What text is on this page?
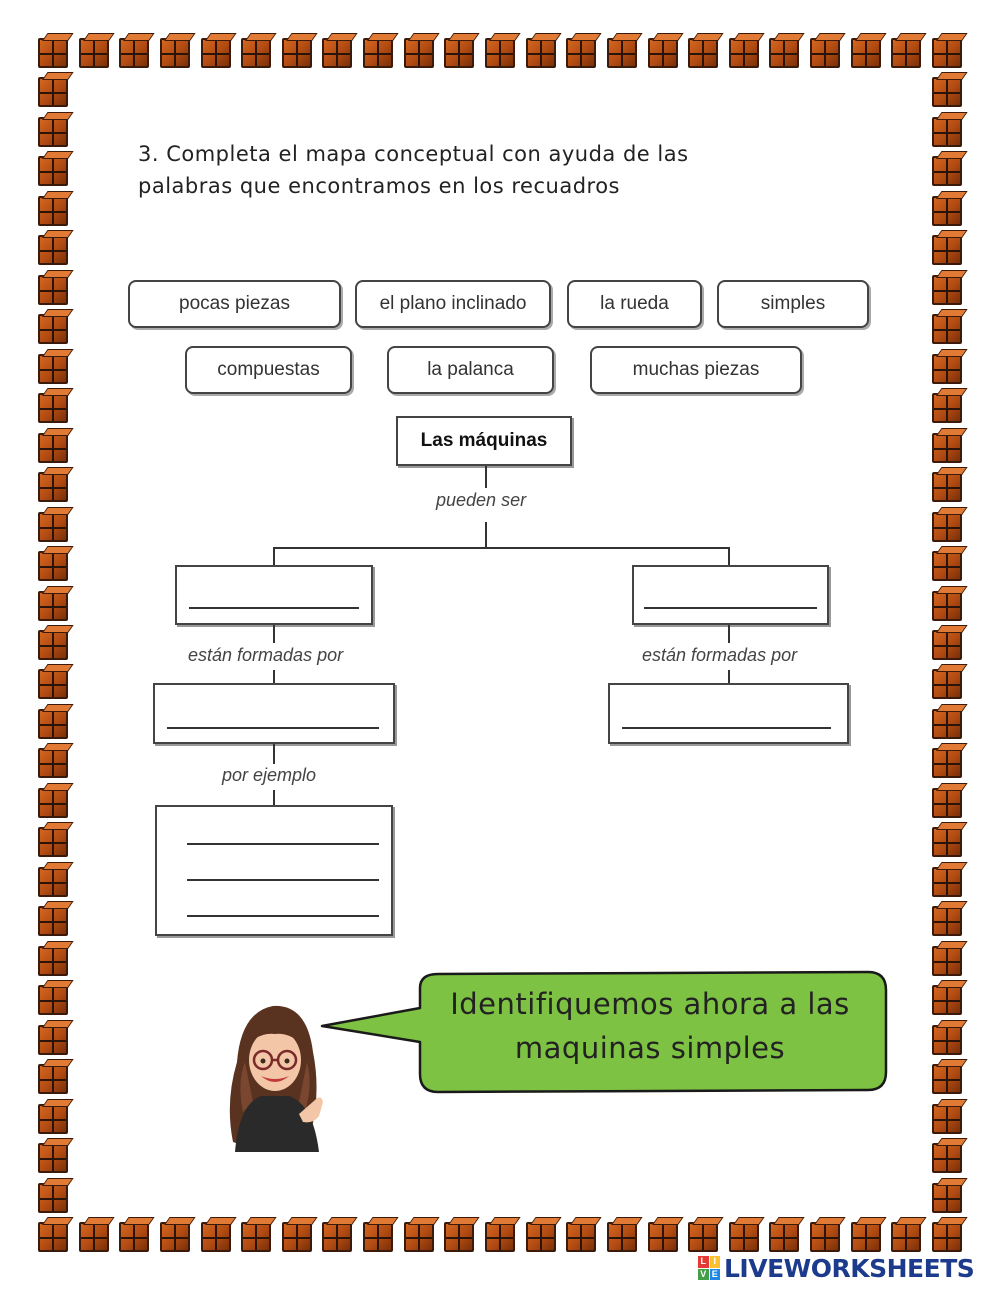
3. Completa el mapa conceptual con ayuda de las
palabras que encontramos en los recuadros
pocas piezas	el plano inclinado	la rueda	simples
compuestas	la palanca	muchas piezas
Las máquinas
pueden ser
están formadas por
por ejemplo
están formadas por
Identifiquemos ahora a las
maquinas simples
L I
V E LIVEWORKSHEETS
